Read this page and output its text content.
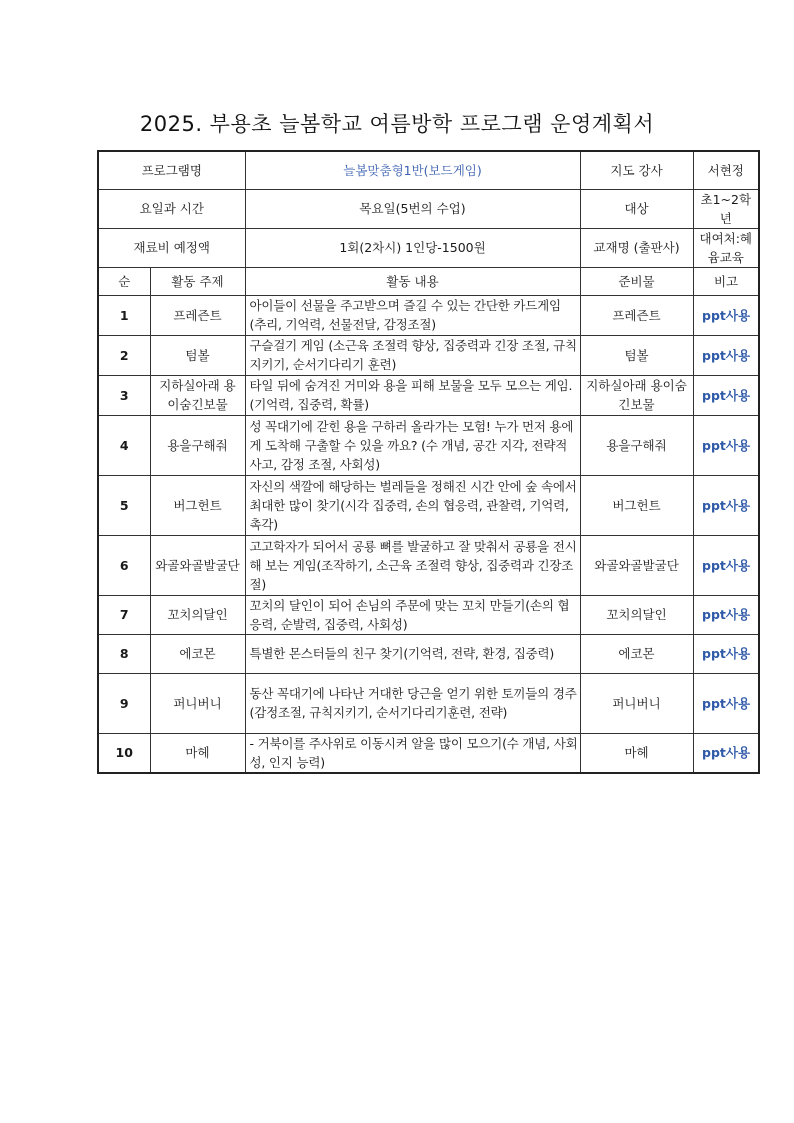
2025. 부용초 늘봄학교 여름방학 프로그램 운영계획서
프로그램명		늘봄맞춤형1반(보드게임)	지도 강사	서현정
요일과 시간		목요일(5번의 수업)	대상	초1~2학년
재료비 예정액		1회(2차시) 1인당-1500원	교재명 (출판사)	대여처:혜윰교육
순	활동 주제	활동 내용	준비물	비고
1	프레즌트	아이들이 선물을 주고받으며 즐길 수 있는 간단한 카드게임 (추리, 기억력, 선물전달, 감정조절)	프레즌트	ppt사용
2	텀볼	구슬걸기 게임 (소근육 조절력 향상, 집중력과 긴장 조절, 규칙 지키기, 순서기다리기 훈련)	텀볼	ppt사용
3	지하실아래 용이숨긴보물	타일 뒤에 숨겨진 거미와 용을 피해 보물을 모두 모으는 게임. (기억력, 집중력, 확률)	지하실아래 용이숨긴보물	ppt사용
4	용을구해줘	성 꼭대기에 갇힌 용을 구하러 올라가는 모험! 누가 먼저 용에게 도착해 구출할 수 있을 까요? (수 개념, 공간 지각, 전략적 사고, 감정 조절, 사회성)	용을구해줘	ppt사용
5	버그헌트	자신의 색깔에 해당하는 벌레들을 정해진 시간 안에 숲 속에서 최대한 많이 찾기(시각 집중력, 손의 협응력, 관찰력, 기억력, 촉각)	버그헌트	ppt사용
6	와골와골발굴단	고고학자가 되어서 공룡 뼈를 발굴하고 잘 맞춰서 공룡을 전시해 보는 게임(조작하기, 소근육 조절력 향상, 집중력과 긴장조절)	와골와골발굴단	ppt사용
7	꼬치의달인	꼬치의 달인이 되어 손님의 주문에 맞는 꼬치 만들기(손의 협응력, 순발력, 집중력, 사회성)	꼬치의달인	ppt사용
8	에코몬	특별한 몬스터들의 친구 찾기(기억력, 전략, 환경, 집중력)	에코몬	ppt사용
9	퍼니버니	동산 꼭대기에 나타난 거대한 당근을 얻기 위한 토끼들의 경주(감정조절, 규칙지키기, 순서기다리기훈련, 전략)	퍼니버니	ppt사용
10	마헤	- 거북이를 주사위로 이동시켜 알을 많이 모으기(수 개념, 사회성, 인지 능력)	마헤	ppt사용
